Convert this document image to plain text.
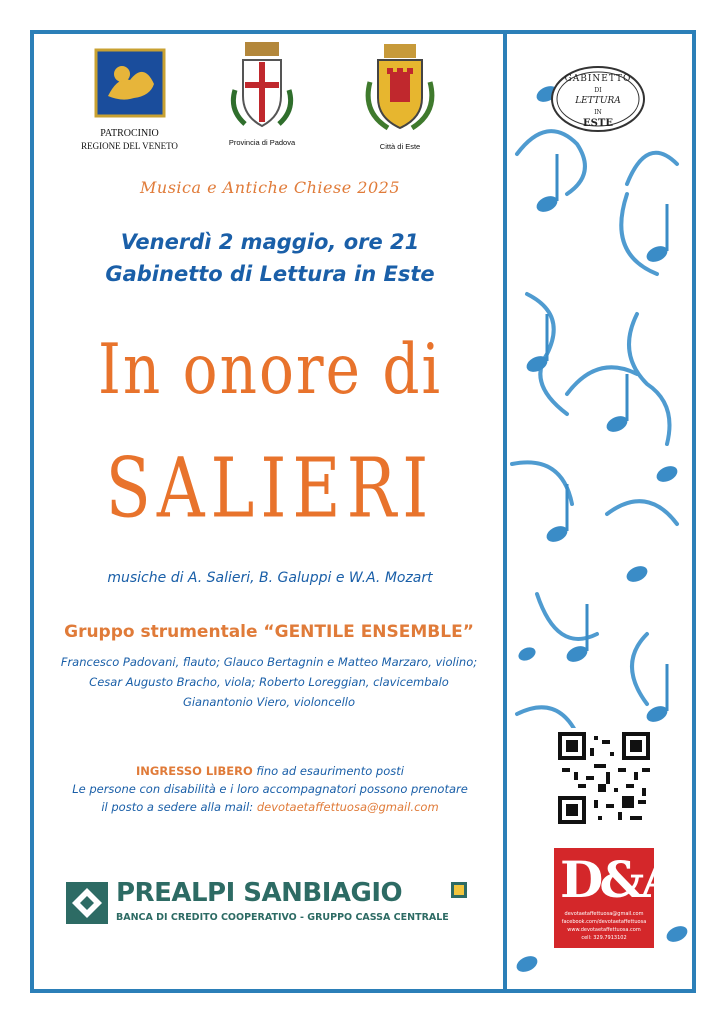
GABINETTO
DI
LETTURA
IN
ESTE
PATROCINIO
REGIONE DEL VENETO	Provincia di Padova	Città di Este
Musica e Antiche Chiese 2025
Venerdì 2 maggio, ore 21
Gabinetto di Lettura in Este
In onore di
SALIERI
musiche di A. Salieri, B. Galuppi e W.A. Mozart
Gruppo strumentale “GENTILE ENSEMBLE”
Francesco Padovani, flauto; Glauco Bertagnin e Matteo Marzaro, violino;
Cesar Augusto Bracho, viola; Roberto Loreggian, clavicembalo
Gianantonio Viero, violoncello
INGRESSO LIBERO fino ad esaurimento posti
Le persone con disabilità e i loro accompagnatori possono prenotare
il posto a sedere alla mail: devotaetaffettuosa@gmail.com
PREALPI SANBIAGIO
BANCA DI CREDITO COOPERATIVO - GRUPPO CASSA CENTRALE
D&A
devotaetaffettuosa@gmail.com
facebook.com/devotaetaffettuosa
www.devotaetaffettuosa.com
cell: 329.7913102
